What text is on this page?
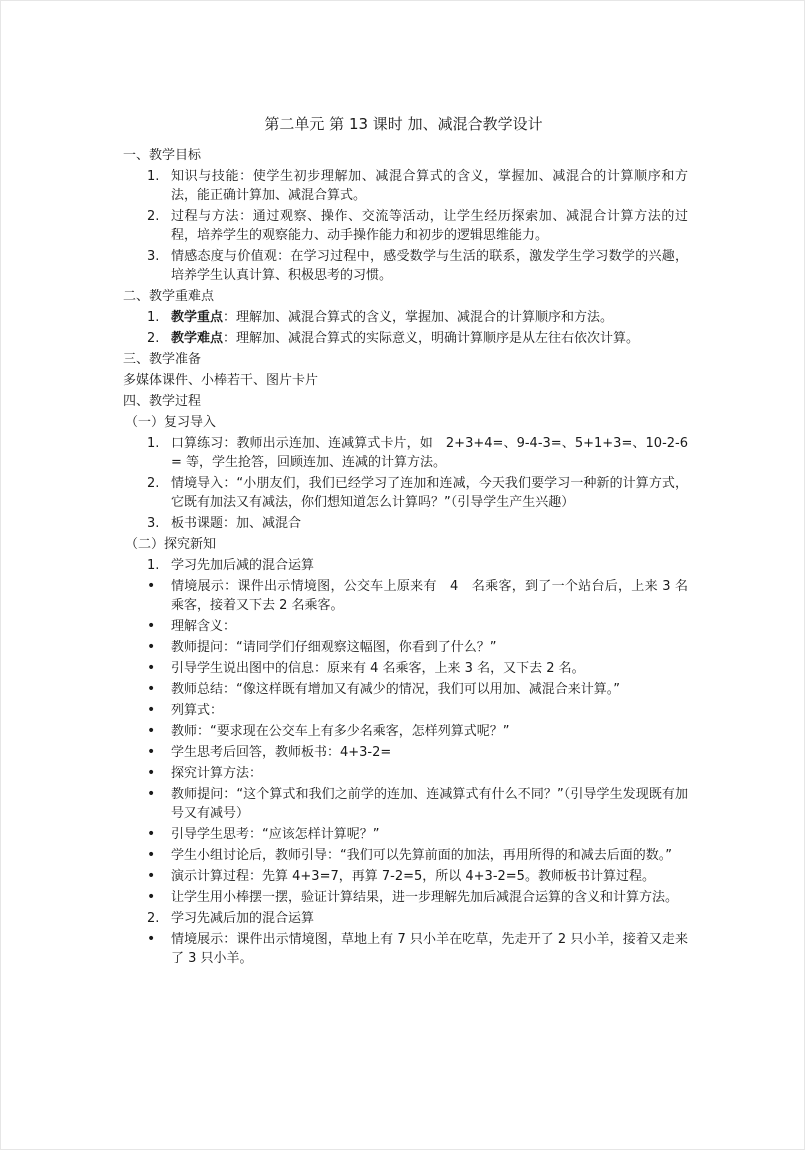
第二单元 第 13 课时 加、减混合教学设计
一、教学目标
1. 知识与技能：使学生初步理解加、减混合算式的含义，掌握加、减混合的计算顺序和方法，能正确计算加、减混合算式。
2. 过程与方法：通过观察、操作、交流等活动，让学生经历探索加、减混合计算方法的过程，培养学生的观察能力、动手操作能力和初步的逻辑思维能力。
3. 情感态度与价值观：在学习过程中，感受数学与生活的联系，激发学生学习数学的兴趣，培养学生认真计算、积极思考的习惯。
二、教学重难点
1. 教学重点：理解加、减混合算式的含义，掌握加、减混合的计算顺序和方法。
2. 教学难点：理解加、减混合算式的实际意义，明确计算顺序是从左往右依次计算。
三、教学准备
多媒体课件、小棒若干、图片卡片
四、教学过程
（一）复习导入
1. 口算练习：教师出示连加、连减算式卡片，如　2+3+4=、9-4-3=、5+1+3=、10-2-6 = 等，学生抢答，回顾连加、连减的计算方法。
2. 情境导入：“小朋友们，我们已经学习了连加和连减，今天我们要学习一种新的计算方式，它既有加法又有减法，你们想知道怎么计算吗？”（引导学生产生兴趣）
3. 板书课题：加、减混合
（二）探究新知
1. 学习先加后减的混合运算
•	情境展示：课件出示情境图，公交车上原来有　4　名乘客，到了一个站台后，上来 3 名乘客，接着又下去 2 名乘客。
•	理解含义：
•	教师提问：“请同学们仔细观察这幅图，你看到了什么？”
•	引导学生说出图中的信息：原来有 4 名乘客，上来 3 名，又下去 2 名。
•	教师总结：“像这样既有增加又有减少的情况，我们可以用加、减混合来计算。”
•	列算式：
•	教师：“要求现在公交车上有多少名乘客，怎样列算式呢？”
•	学生思考后回答，教师板书：4+3-2=
•	探究计算方法：
•	教师提问：“这个算式和我们之前学的连加、连减算式有什么不同？”（引导学生发现既有加号又有减号）
•	引导学生思考：“应该怎样计算呢？”
•	学生小组讨论后，教师引导：“我们可以先算前面的加法，再用所得的和减去后面的数。”
•	演示计算过程：先算 4+3=7，再算 7-2=5，所以 4+3-2=5。教师板书计算过程。
•	让学生用小棒摆一摆，验证计算结果，进一步理解先加后减混合运算的含义和计算方法。
2. 学习先减后加的混合运算
•	情境展示：课件出示情境图，草地上有 7 只小羊在吃草，先走开了 2 只小羊，接着又走来了 3 只小羊。
